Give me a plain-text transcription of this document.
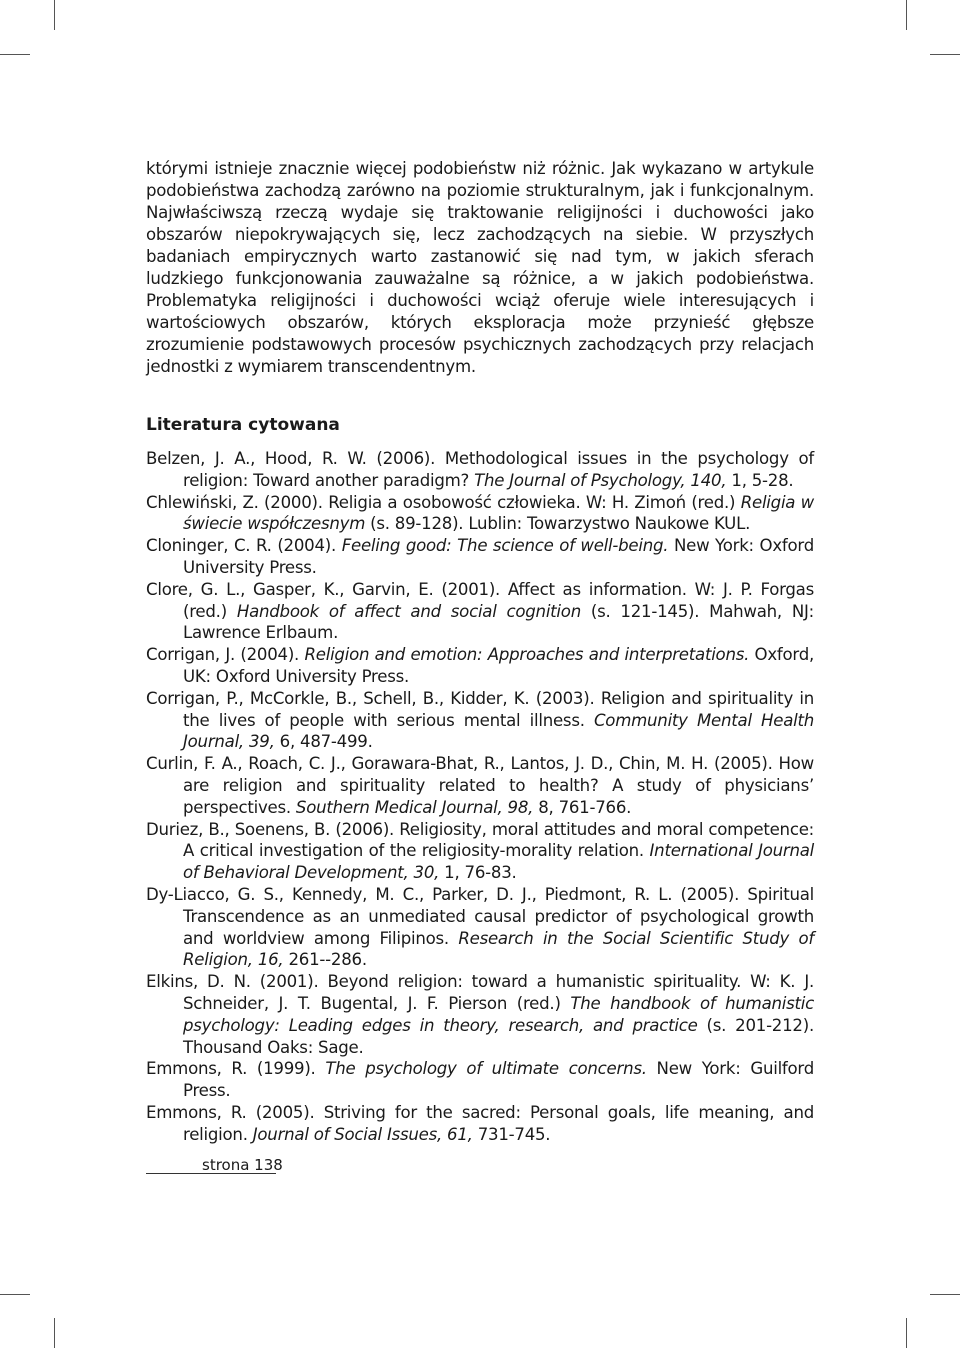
którymi istnieje znacznie więcej podobieństw niż różnic. Jak wykazano w artykule podobieństwa zachodzą zarówno na poziomie strukturalnym, jak i funkcjonalnym. Najwłaściwszą rzeczą wydaje się traktowanie religijności i duchowości jako obszarów niepokrywających się, lecz zachodzących na siebie. W przyszłych badaniach empirycznych warto zastanowić się nad tym, w jakich sferach ludzkiego funkcjonowania zauważalne są różnice, a w jakich podobieństwa. Problematyka religijności i duchowości wciąż oferuje wiele interesujących i wartościowych obszarów, których eksploracja może przynieść głębsze zrozumienie podstawowych procesów psychicznych zachodzących przy relacjach jednostki z wymiarem transcendentnym.

Literatura cytowana

Belzen, J. A., Hood, R. W. (2006). Methodological issues in the psychology of religion: Toward another paradigm? The Journal of Psychology, 140, 1, 5-28.

Chlewiński, Z. (2000). Religia a osobowość człowieka. W: H. Zimoń (red.) Religia w świecie współczesnym (s. 89-128). Lublin: Towarzystwo Naukowe KUL.

Cloninger, C. R. (2004). Feeling good: The science of well-being. New York: Oxford University Press.

Clore, G. L., Gasper, K., Garvin, E. (2001). Affect as information. W: J. P. Forgas (red.) Handbook of affect and social cognition (s. 121-145). Mahwah, NJ: Lawrence Erlbaum.

Corrigan, J. (2004). Religion and emotion: Approaches and interpretations. Oxford, UK: Oxford University Press.

Corrigan, P., McCorkle, B., Schell, B., Kidder, K. (2003). Religion and spirituality in the lives of people with serious mental illness. Community Mental Health Journal, 39, 6, 487-499.

Curlin, F. A., Roach, C. J., Gorawara-Bhat, R., Lantos, J. D., Chin, M. H. (2005). How are religion and spirituality related to health? A study of physicians’ perspectives. Southern Medical Journal, 98, 8, 761-766.

Duriez, B., Soenens, B. (2006). Religiosity, moral attitudes and moral competence: A critical investigation of the religiosity-morality relation. International Journal of Behavioral Development, 30, 1, 76-83.

Dy-Liacco, G. S., Kennedy, M. C., Parker, D. J., Piedmont, R. L. (2005). Spiritual Transcendence as an unmediated causal predictor of psychological growth and worldview among Filipinos. Research in the Social Scientific Study of Religion, 16, 261--286.

Elkins, D. N. (2001). Beyond religion: toward a humanistic spirituality. W: K. J. Schneider, J. T. Bugental, J. F. Pierson (red.) The handbook of humanistic psychology: Leading edges in theory, research, and practice (s. 201-212). Thousand Oaks: Sage.

Emmons, R. (1999). The psychology of ultimate concerns. New York: Guilford Press.

Emmons, R. (2005). Striving for the sacred: Personal goals, life meaning, and religion. Journal of Social Issues, 61, 731-745.

strona 138
